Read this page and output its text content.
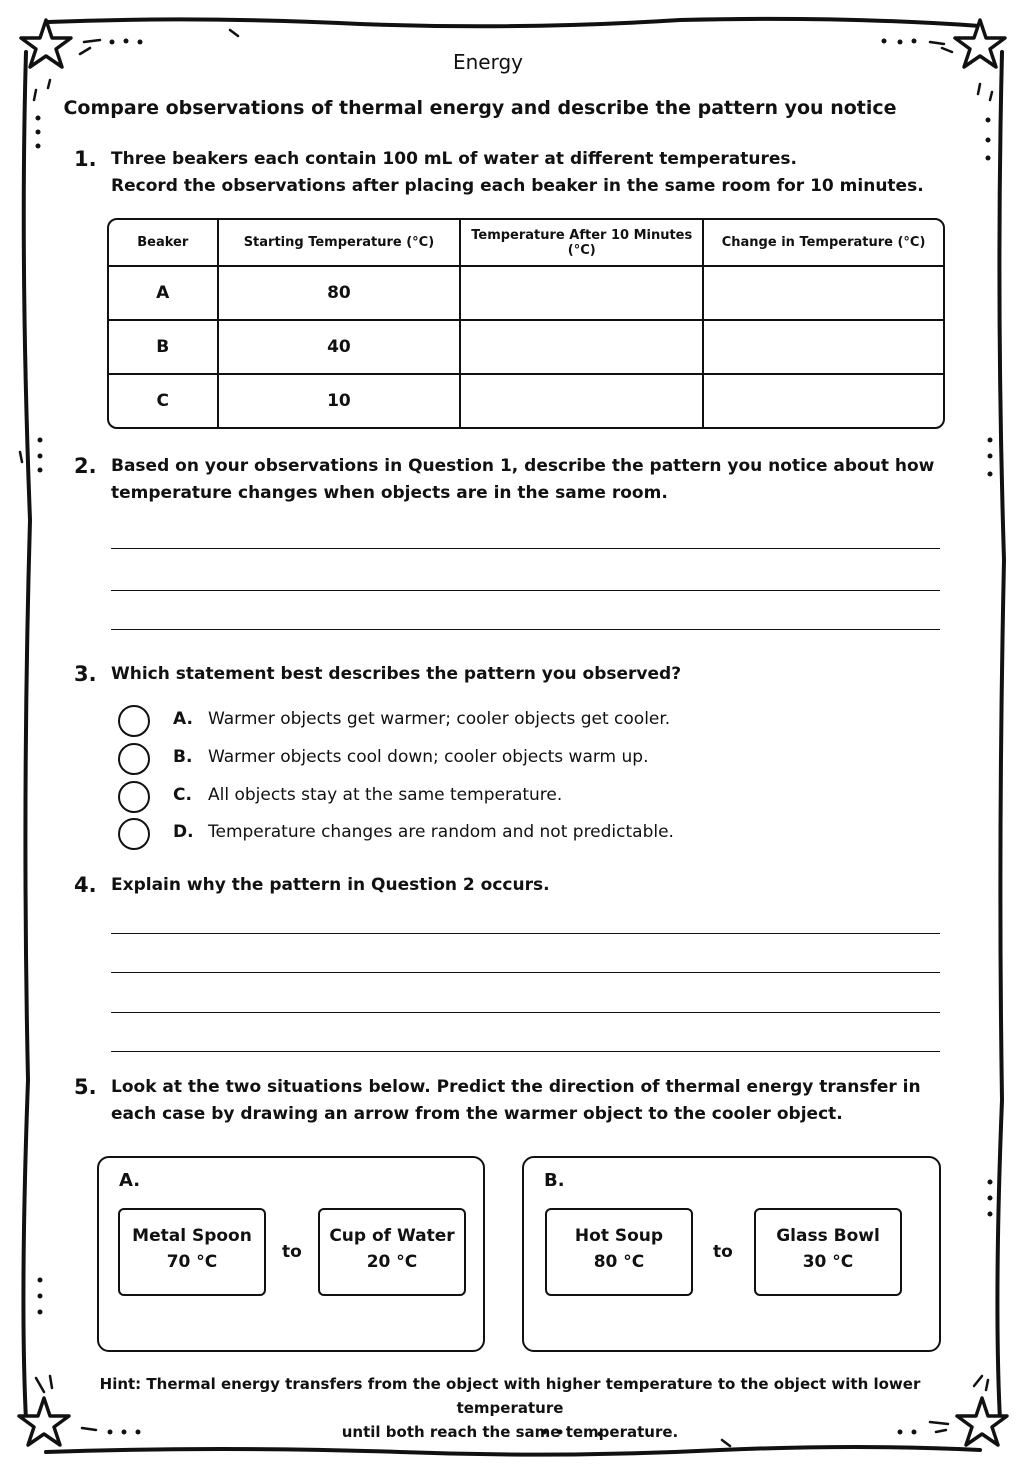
Energy
Compare observations of thermal energy and describe the pattern you notice
1. Three beakers each contain 100 mL of water at different temperatures.
Record the observations after placing each beaker in the same room for 10 minutes.
Beaker	Starting Temperature (°C)	Temperature After 10 Minutes (°C)	Change in Temperature (°C)
A	80		
B	40		
C	10		
2. Based on your observations in Question 1, describe the pattern you notice about how
temperature changes when objects are in the same room.
3. Which statement best describes the pattern you observed?
A. Warmer objects get warmer; cooler objects get cooler.
B. Warmer objects cool down; cooler objects warm up.
C. All objects stay at the same temperature.
D. Temperature changes are random and not predictable.
4. Explain why the pattern in Question 2 occurs.
5. Look at the two situations below. Predict the direction of thermal energy transfer in
each case by drawing an arrow from the warmer object to the cooler object.
A.
Metal Spoon
70 °C	to
Cup of Water
20 °C
B.
Hot Soup
80 °C	to
Glass Bowl
30 °C
Hint: Thermal energy transfers from the object with higher temperature to the object with lower temperature
until both reach the same temperature.
